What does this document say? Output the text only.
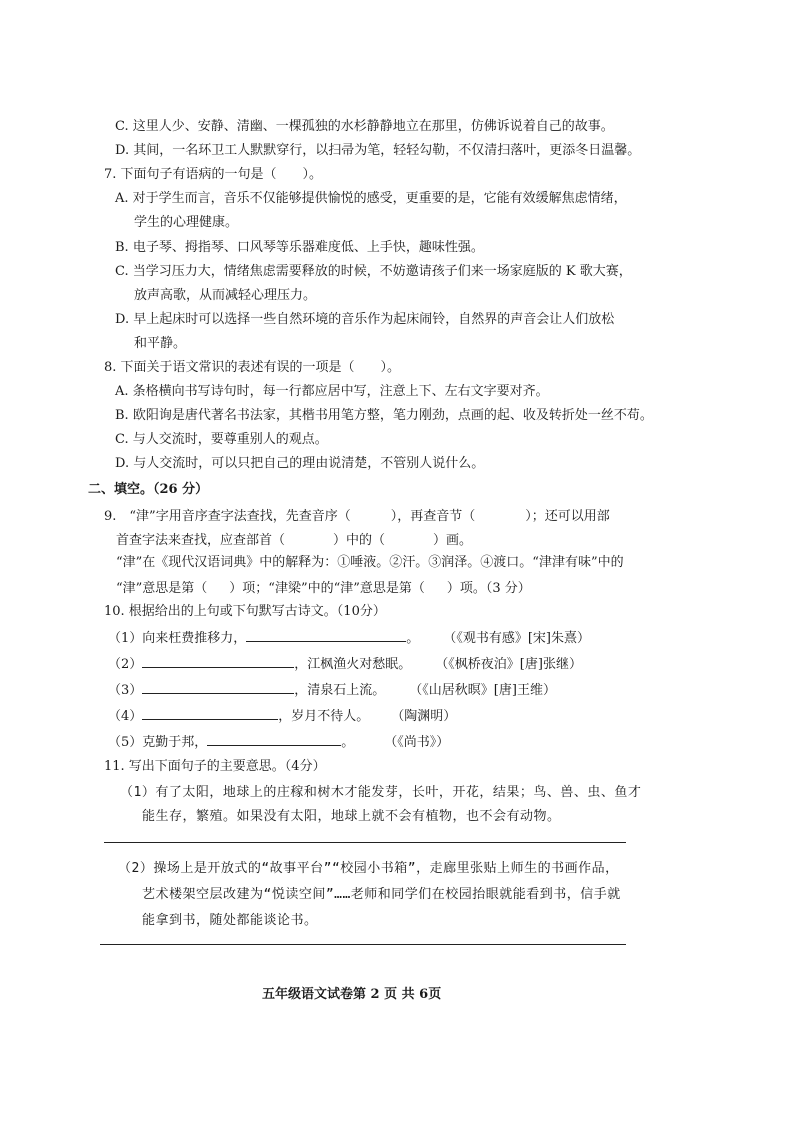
C. 这里人少、安静、清幽、一棵孤独的水杉静静地立在那里，仿佛诉说着自己的故事。
D. 其间，一名环卫工人默默穿行，以扫帚为笔，轻轻勾勒，不仅清扫落叶，更添冬日温馨。
7. 下面句子有语病的一句是（　　）。
A. 对于学生而言，音乐不仅能够提供愉悦的感受，更重要的是，它能有效缓解焦虑情绪，
学生的心理健康。
B. 电子琴、拇指琴、口风琴等乐器难度低、上手快，趣味性强。
C. 当学习压力大，情绪焦虑需要释放的时候，不妨邀请孩子们来一场家庭版的 K 歌大赛，
放声高歌，从而减轻心理压力。
D. 早上起床时可以选择一些自然环境的音乐作为起床闹铃，自然界的声音会让人们放松
和平静。
8. 下面关于语文常识的表述有误的一项是（　　）。
A. 条格横向书写诗句时，每一行都应居中写，注意上下、左右文字要对齐。
B. 欧阳询是唐代著名书法家，其楷书用笔方整，笔力刚劲，点画的起、收及转折处一丝不苟。
C. 与人交流时，要尊重别人的观点。
D. 与人交流时，可以只把自己的理由说清楚，不管别人说什么。
二、填空。（26 分）
9.　“津”字用音序查字法查找，先查音序（	），再查音节（	）；还可以用部
首查字法来查找，应查部首（	）中的（	）画。
“津”在《现代汉语词典》中的解释为：①唾液。②汗。③润泽。④渡口。“津津有味”中的
“津”意思是第（ ）项；“津梁”中的“津”意思是第（ ）项。（3 分）
10. 根据给出的上句或下句默写古诗文。（10分）
（1）向来枉费推移力，	。 （《观书有感》[宋]朱熹）
（2）	，江枫渔火对愁眠。 （《枫桥夜泊》[唐]张继）
（3）	，清泉石上流。 （《山居秋暝》[唐]王维）
（4）	，岁月不待人。 （陶渊明）
（5）克勤于邦，	。 （《尚书》）
11. 写出下面句子的主要意思。（4分）
（1）有了太阳，地球上的庄稼和树木才能发芽，长叶，开花，结果；鸟、兽、虫、鱼才
能生存，繁殖。如果没有太阳，地球上就不会有植物，也不会有动物。
（2）操场上是开放式的“故事平台”“校园小书箱”，走廊里张贴上师生的书画作品，
艺术楼架空层改建为“悦读空间”……老师和同学们在校园抬眼就能看到书，信手就
能拿到书，随处都能谈论书。
五年级语文试卷第 2 页 共 6页
